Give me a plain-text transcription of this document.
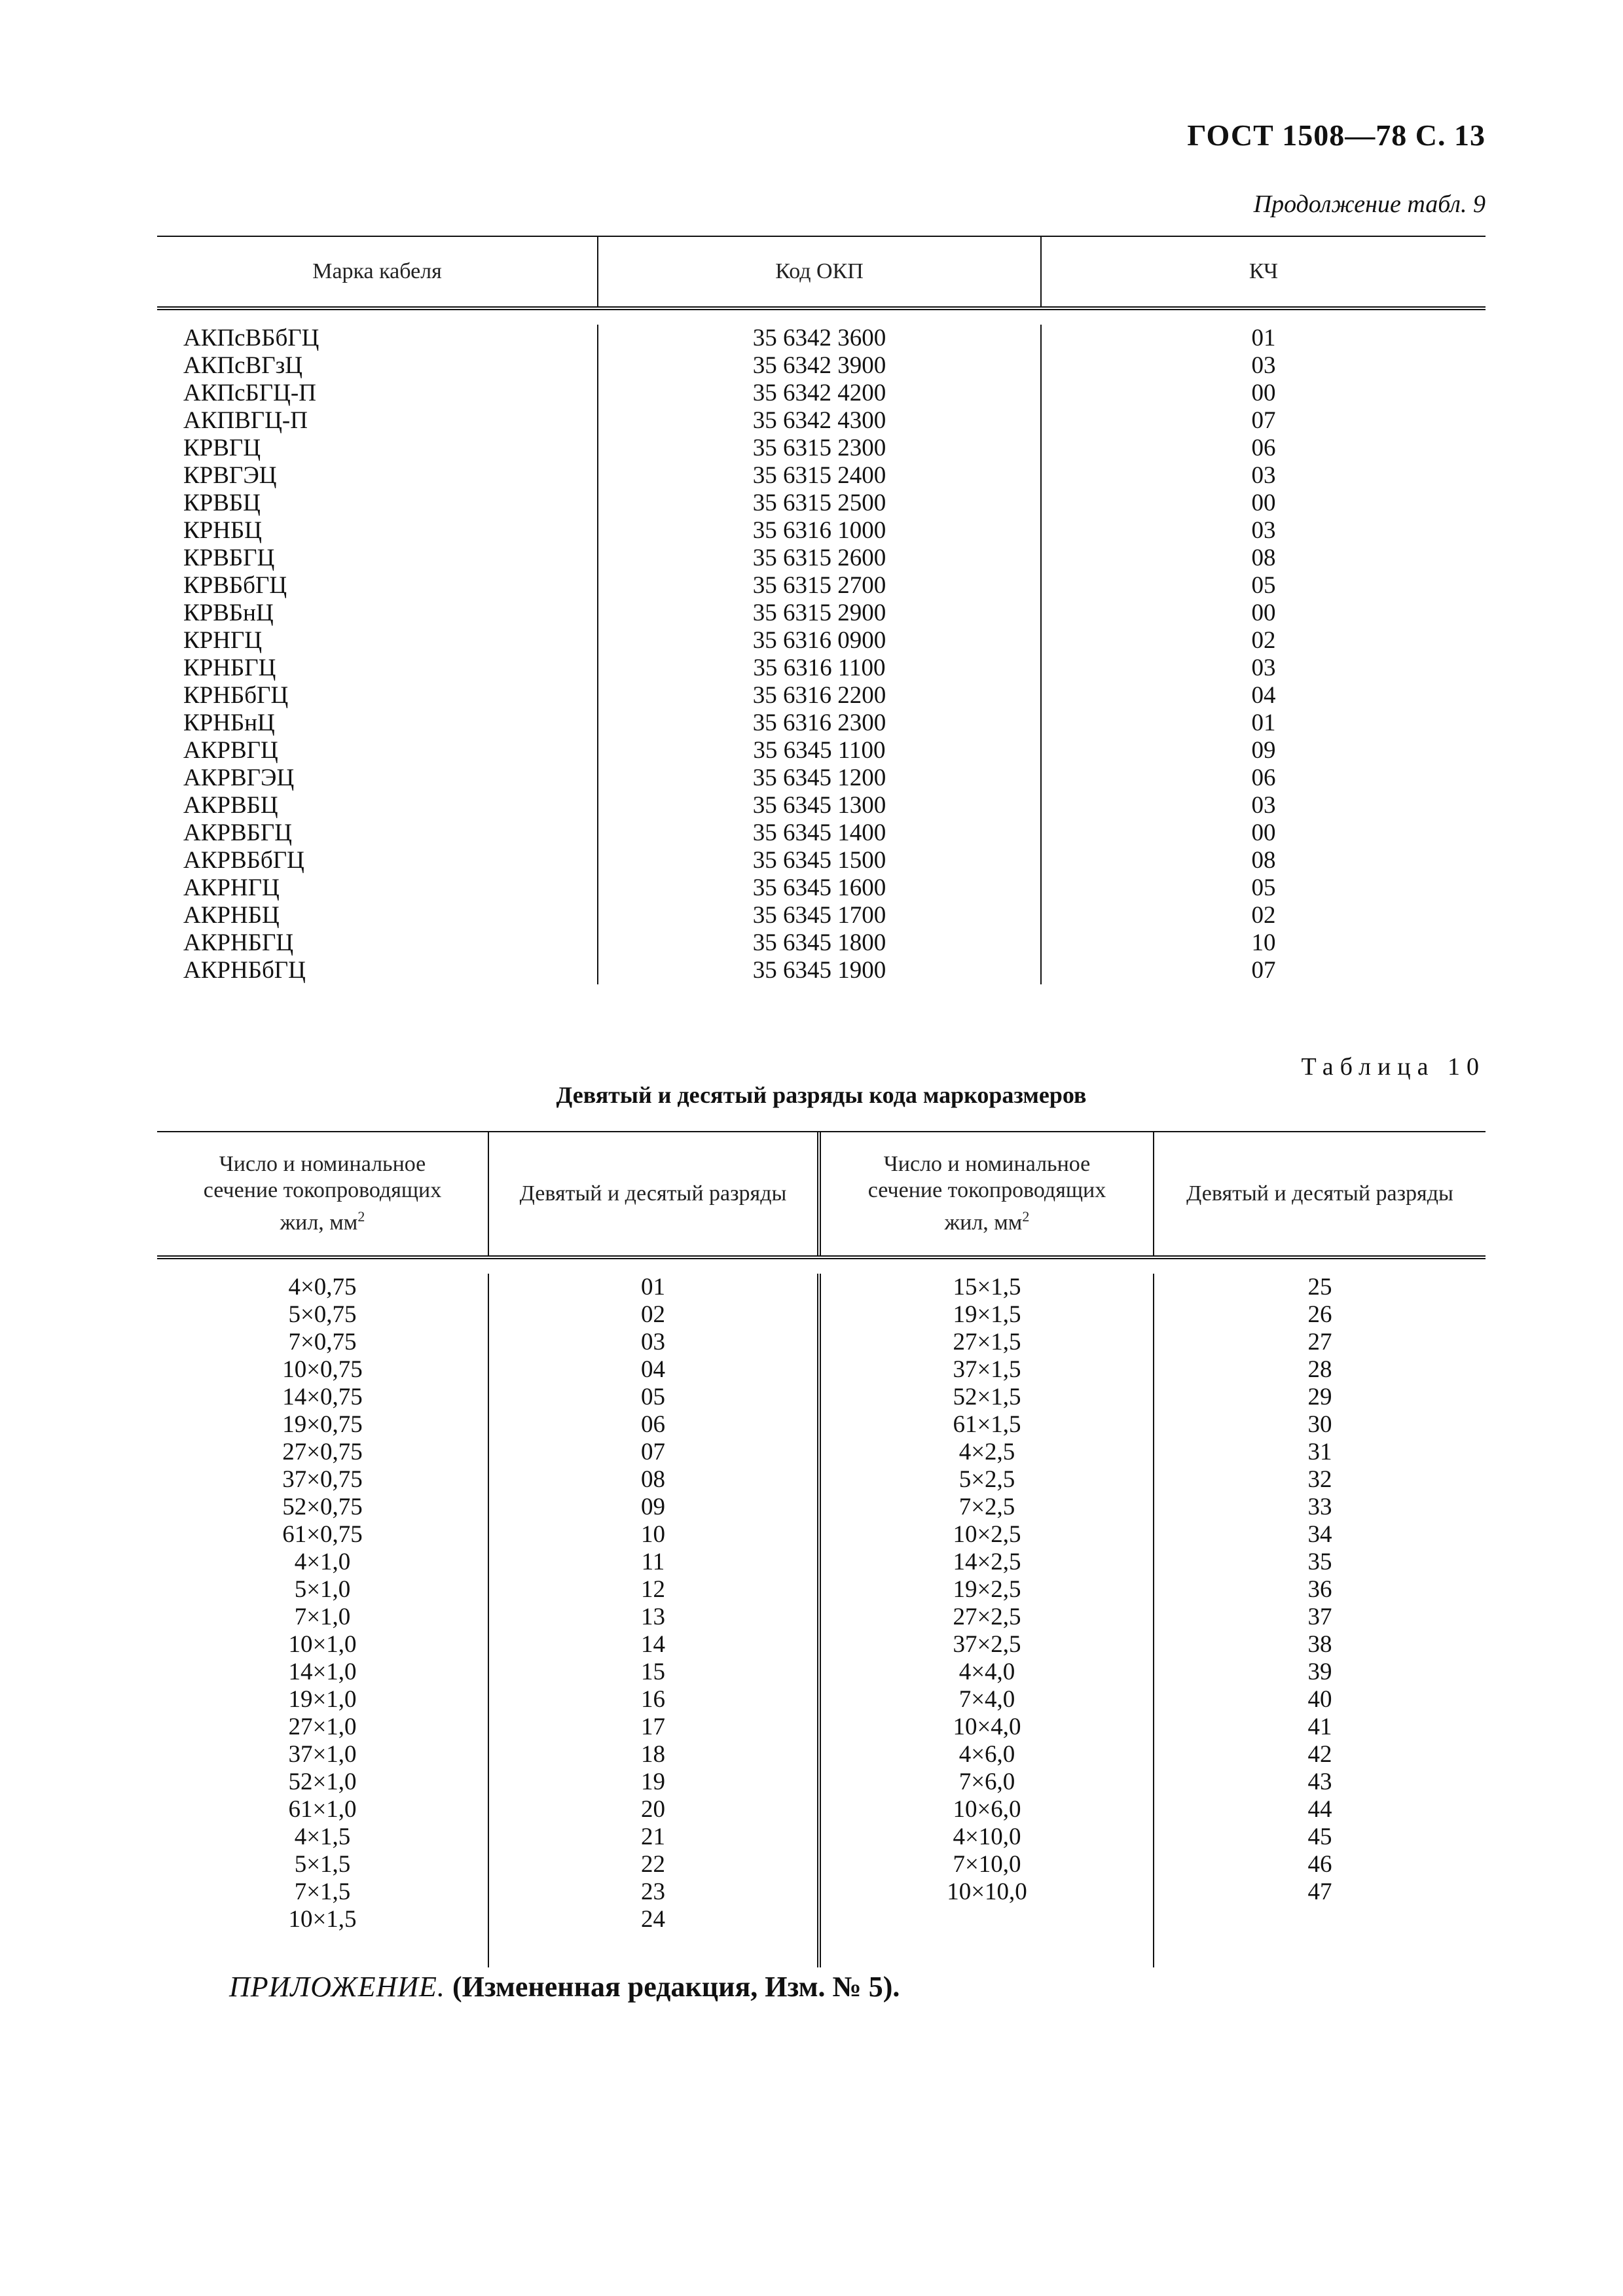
ГОСТ 1508—78 С. 13
Продолжение табл. 9
Марка кабеля	Код ОКП	КЧ
АКПсВБбГЦ
АКПсВГзЦ
АКПсБГЦ-П
АКПВГЦ-П
КРВГЦ
КРВГЭЦ
КРВБЦ
КРНБЦ
КРВБГЦ
КРВБбГЦ
КРВБнЦ
КРНГЦ
КРНБГЦ
КРНБбГЦ
КРНБнЦ
АКРВГЦ
АКРВГЭЦ
АКРВБЦ
АКРВБГЦ
АКРВБбГЦ
АКРНГЦ
АКРНБЦ
АКРНБГЦ
АКРНБбГЦ
35 6342 3600
35 6342 3900
35 6342 4200
35 6342 4300
35 6315 2300
35 6315 2400
35 6315 2500
35 6316 1000
35 6315 2600
35 6315 2700
35 6315 2900
35 6316 0900
35 6316 1100
35 6316 2200
35 6316 2300
35 6345 1100
35 6345 1200
35 6345 1300
35 6345 1400
35 6345 1500
35 6345 1600
35 6345 1700
35 6345 1800
35 6345 1900
01
03
00
07
06
03
00
03
08
05
00
02
03
04
01
09
06
03
00
08
05
02
10
07
Таблица 10
Девятый и десятый разряды кода маркоразмеров
Число и номинальное
сечение токопроводящих
жил, $мм^2$
Девятый и десятый разряды
Число и номинальное
сечение токопроводящих
жил, $мм^2$
Девятый и десятый разряды
4×0,75
5×0,75
7×0,75
10×0,75
14×0,75
19×0,75
27×0,75
37×0,75
52×0,75
61×0,75
4×1,0
5×1,0
7×1,0
10×1,0
14×1,0
19×1,0
27×1,0
37×1,0
52×1,0
61×1,0
4×1,5
5×1,5
7×1,5
10×1,5
01
02
03
04
05
06
07
08
09
10
11
12
13
14
15
16
17
18
19
20
21
22
23
24
15×1,5
19×1,5
27×1,5
37×1,5
52×1,5
61×1,5
4×2,5
5×2,5
7×2,5
10×2,5
14×2,5
19×2,5
27×2,5
37×2,5
4×4,0
7×4,0
10×4,0
4×6,0
7×6,0
10×6,0
4×10,0
7×10,0
10×10,0
25
26
27
28
29
30
31
32
33
34
35
36
37
38
39
40
41
42
43
44
45
46
47
ПРИЛОЖЕНИЕ. (Измененная редакция, Изм. № 5).
